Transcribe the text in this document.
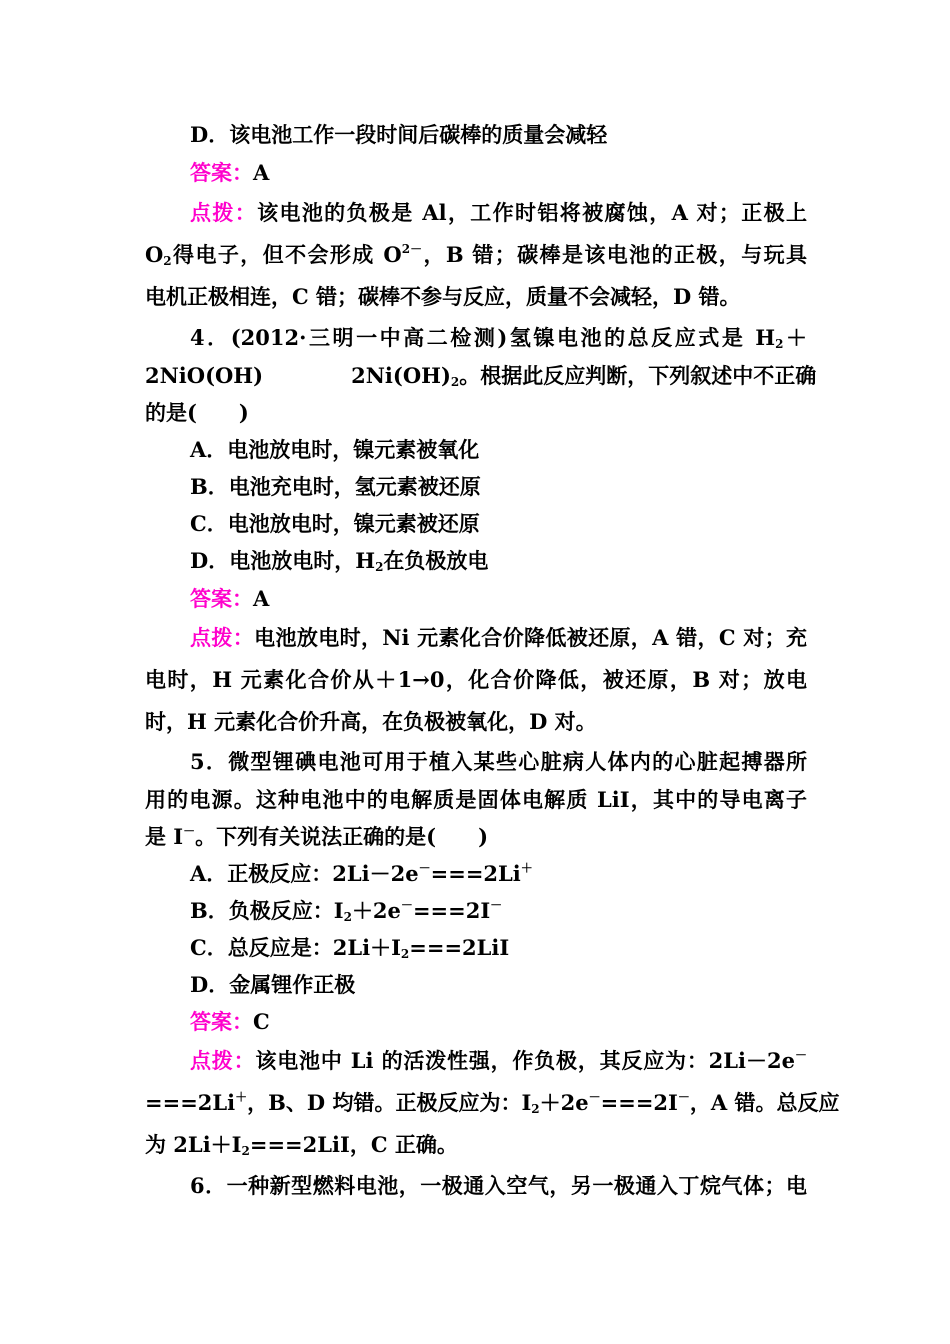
D．该电池工作一段时间后碳棒的质量会减轻
答案：A
点拨：该电池的负极是 Al，工作时铝将被腐蚀，A 对；正极上
$O_2$得电子，但不会形成 $O^{2-}$，B 错；碳棒是该电池的正极，与玩具
电机正极相连，C 错；碳棒不参与反应，质量不会减轻，D 错。
4．(2012·三明一中高二检测)氢镍电池的总反应式是 $H_2+$
2NiO(OH)	$2Ni(OH)_2$。根据此反应判断，下列叙述中不正确
的是(　　)
A．电池放电时，镍元素被氧化
B．电池充电时，氢元素被还原
C．电池放电时，镍元素被还原
D．电池放电时，$H_2$在负极放电
答案：A
点拨：电池放电时，Ni 元素化合价降低被还原，A 错，C 对；充
电时，H 元素化合价从＋1→0，化合价降低，被还原，B 对；放电
时，H 元素化合价升高，在负极被氧化，D 对。
5．微型锂碘电池可用于植入某些心脏病人体内的心脏起搏器所
用的电源。这种电池中的电解质是固体电解质 LiI，其中的导电离子
是 I－。下列有关说法正确的是(　　)
A．正极反应：2Li－2e－===2Li＋
B．负极反应：$I_2+2e^-===2I^-$
C．总反应是：$2Li+I_2===2LiI$
D．金属锂作正极
答案：C
点拨：该电池中 Li 的活泼性强，作负极，其反应为：2Li－2e－
===2Li＋，B、D 均错。正极反应为：$I_2+2e^-===2I^-$，A 错。总反应
为 $2Li+I_2===2LiI$，C 正确。
6．一种新型燃料电池，一极通入空气，另一极通入丁烷气体；电
